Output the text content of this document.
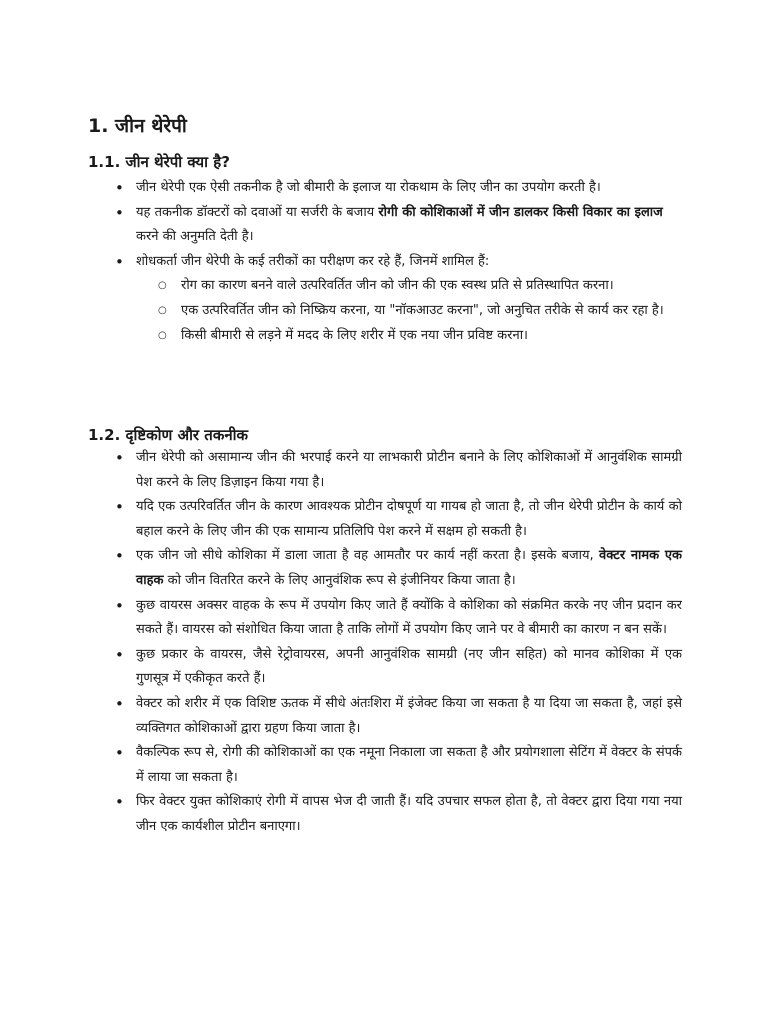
1. जीन थेरेपी
1.1. जीन थेरेपी क्या है?
• जीन थेरेपी एक ऐसी तकनीक है जो बीमारी के इलाज या रोकथाम के लिए जीन का उपयोग करती है।
• यह तकनीक डॉक्टरों को दवाओं या सर्जरी के बजाय रोगी की कोशिकाओं में जीन डालकर किसी विकार का इलाज करने की अनुमति देती है।
• शोधकर्ता जीन थेरेपी के कई तरीकों का परीक्षण कर रहे हैं, जिनमें शामिल हैं:
○ रोग का कारण बनने वाले उत्परिवर्तित जीन को जीन की एक स्वस्थ प्रति से प्रतिस्थापित करना।
○ एक उत्परिवर्तित जीन को निष्क्रिय करना, या "नॉकआउट करना", जो अनुचित तरीके से कार्य कर रहा है।
○ किसी बीमारी से लड़ने में मदद के लिए शरीर में एक नया जीन प्रविष्ट करना।
1.2. दृष्टिकोण और तकनीक
• जीन थेरेपी को असामान्य जीन की भरपाई करने या लाभकारी प्रोटीन बनाने के लिए कोशिकाओं में आनुवंशिक सामग्री पेश करने के लिए डिज़ाइन किया गया है।
• यदि एक उत्परिवर्तित जीन के कारण आवश्यक प्रोटीन दोषपूर्ण या गायब हो जाता है, तो जीन थेरेपी प्रोटीन के कार्य को बहाल करने के लिए जीन की एक सामान्य प्रतिलिपि पेश करने में सक्षम हो सकती है।
• एक जीन जो सीधे कोशिका में डाला जाता है वह आमतौर पर कार्य नहीं करता है। इसके बजाय, वेक्टर नामक एक वाहक को जीन वितरित करने के लिए आनुवंशिक रूप से इंजीनियर किया जाता है।
• कुछ वायरस अक्सर वाहक के रूप में उपयोग किए जाते हैं क्योंकि वे कोशिका को संक्रमित करके नए जीन प्रदान कर सकते हैं। वायरस को संशोधित किया जाता है ताकि लोगों में उपयोग किए जाने पर वे बीमारी का कारण न बन सकें।
• कुछ प्रकार के वायरस, जैसे रेट्रोवायरस, अपनी आनुवंशिक सामग्री (नए जीन सहित) को मानव कोशिका में एक गुणसूत्र में एकीकृत करते हैं।
• वेक्टर को शरीर में एक विशिष्ट ऊतक में सीधे अंतःशिरा में इंजेक्ट किया जा सकता है या दिया जा सकता है, जहां इसे व्यक्तिगत कोशिकाओं द्वारा ग्रहण किया जाता है।
• वैकल्पिक रूप से, रोगी की कोशिकाओं का एक नमूना निकाला जा सकता है और प्रयोगशाला सेटिंग में वेक्टर के संपर्क में लाया जा सकता है।
• फिर वेक्टर युक्त कोशिकाएं रोगी में वापस भेज दी जाती हैं। यदि उपचार सफल होता है, तो वेक्टर द्वारा दिया गया नया जीन एक कार्यशील प्रोटीन बनाएगा।
